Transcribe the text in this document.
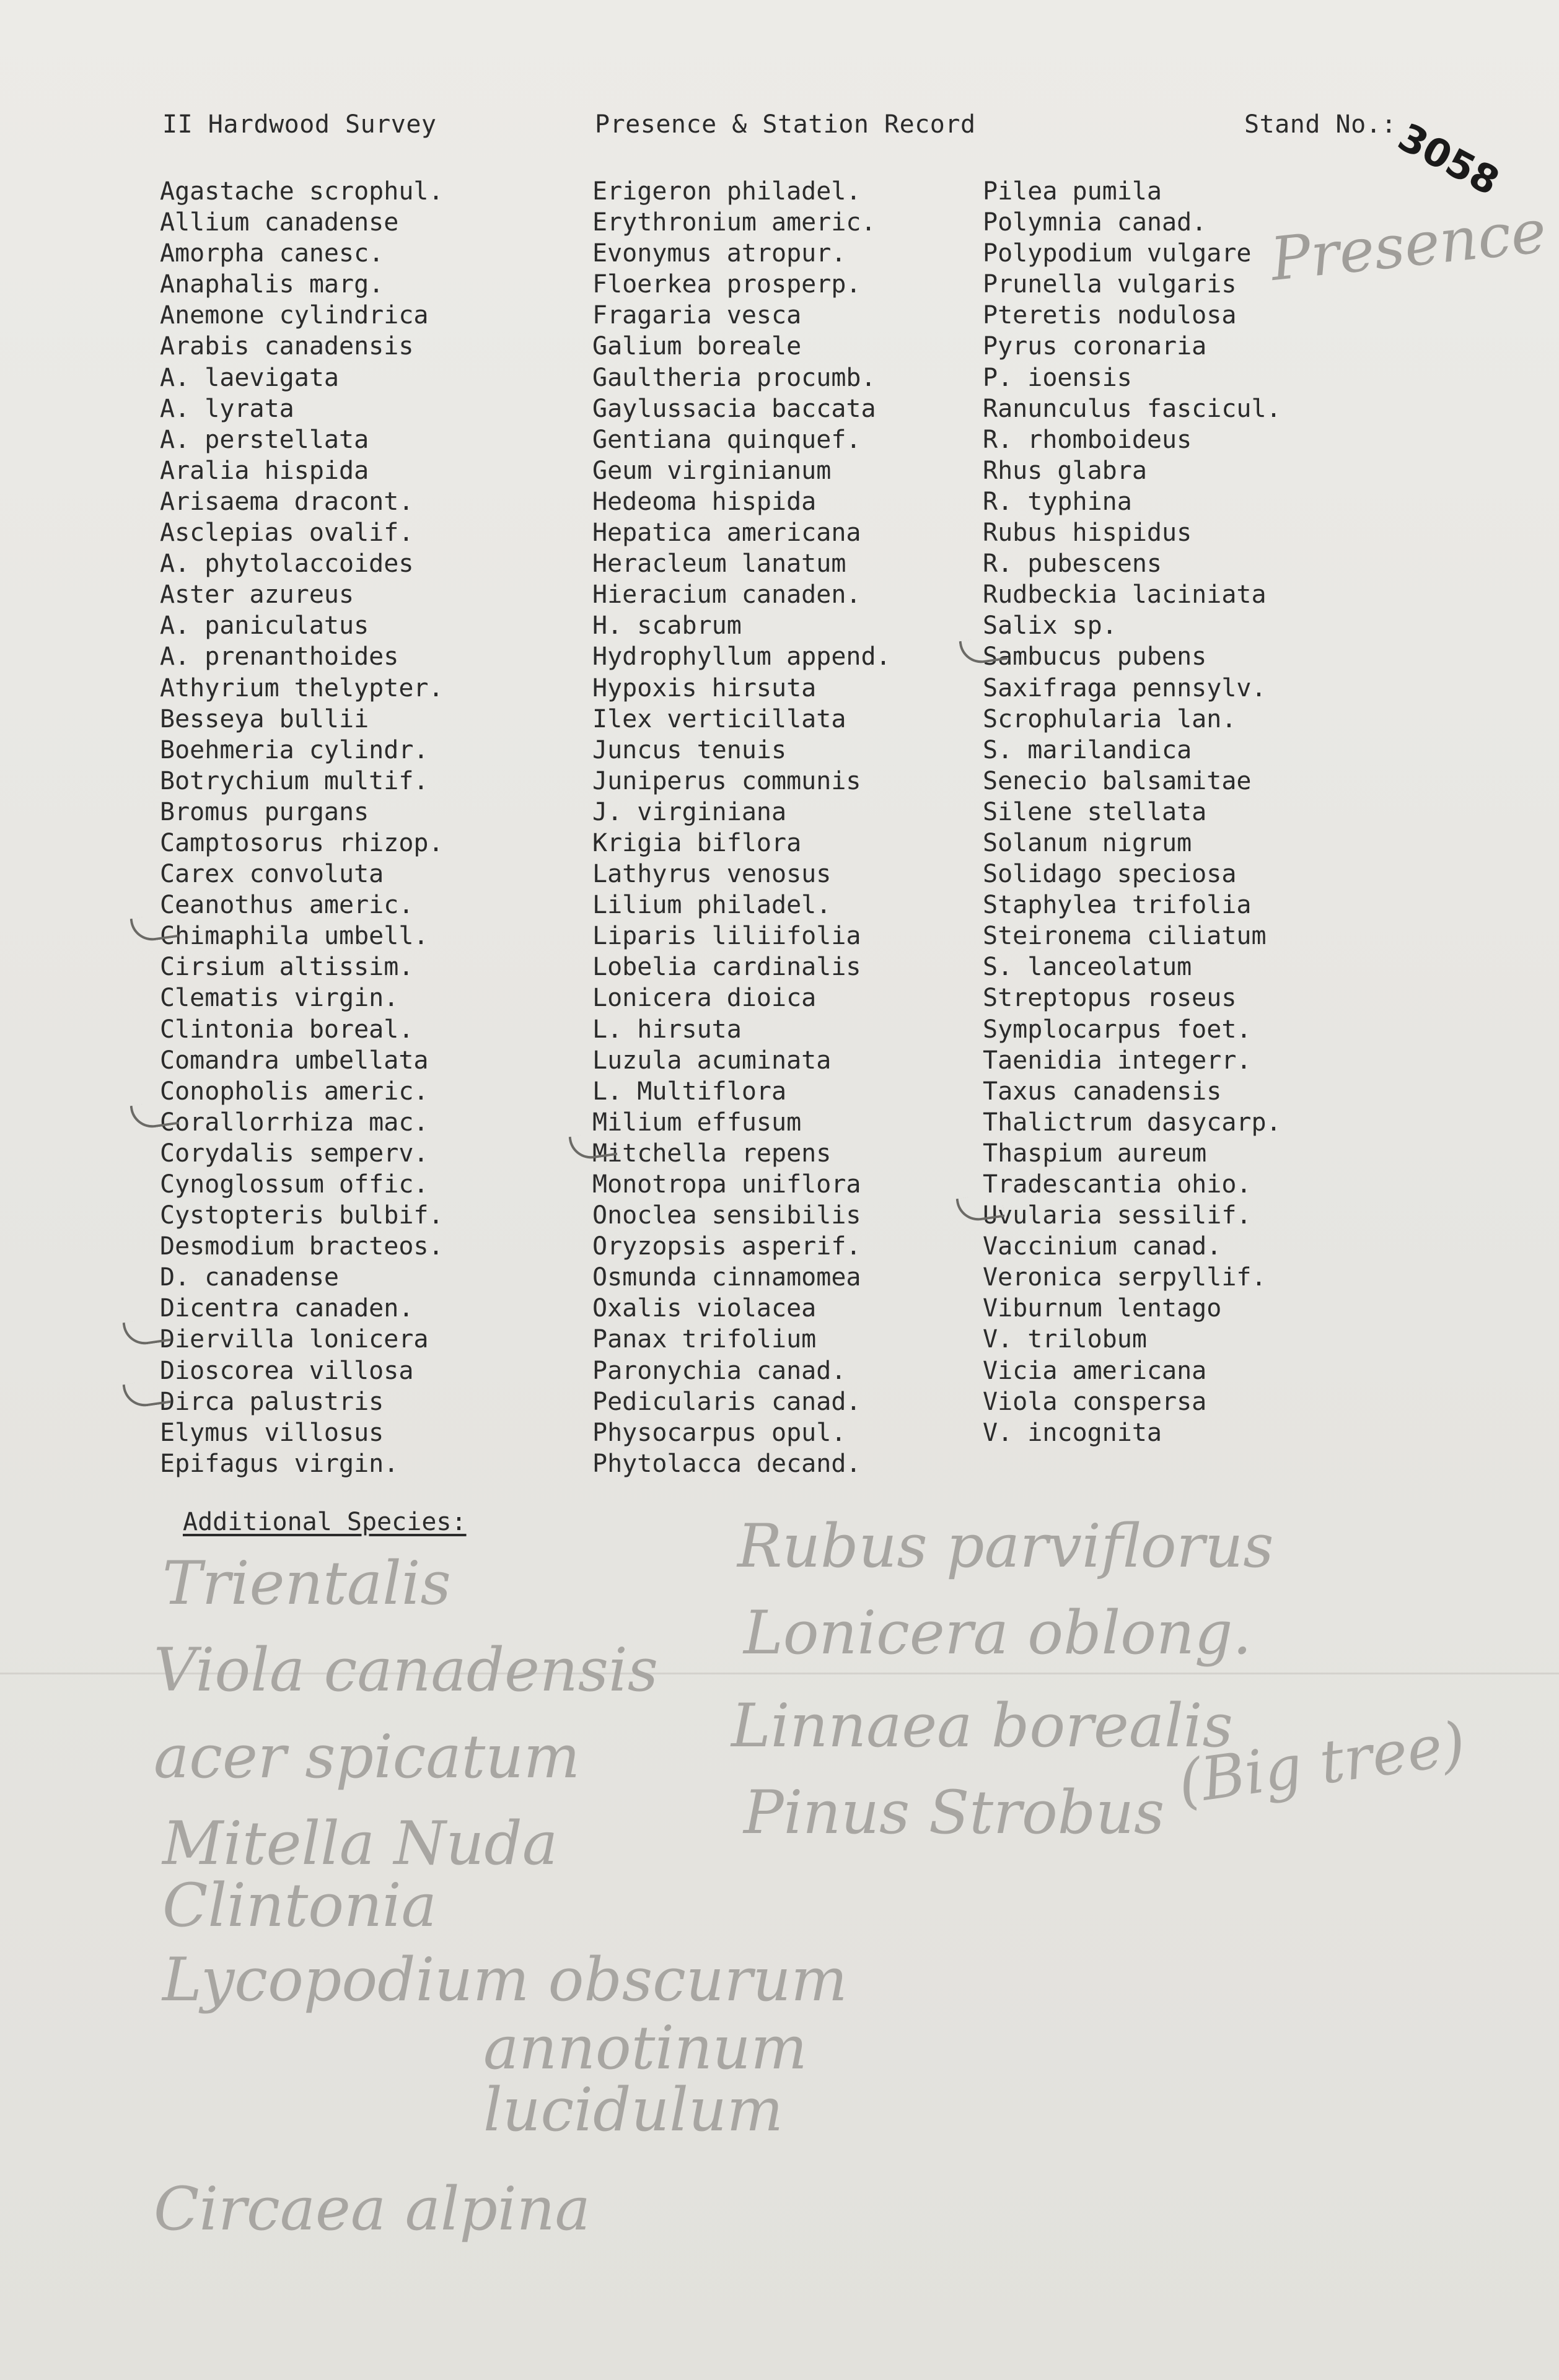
II Hardwood Survey	Presence & Station Record	Stand No.:
3058
Presence
Agastache scrophul.
Allium canadense
Amorpha canesc.
Anaphalis marg.
Anemone cylindrica
Arabis canadensis
A. laevigata
A. lyrata
A. perstellata
Aralia hispida
Arisaema dracont.
Asclepias ovalif.
A. phytolaccoides
Aster azureus
A. paniculatus
A. prenanthoides
Athyrium thelypter.
Besseya bullii
Boehmeria cylindr.
Botrychium multif.
Bromus purgans
Camptosorus rhizop.
Carex convoluta
Ceanothus americ.
Chimaphila umbell.
Cirsium altissim.
Clematis virgin.
Clintonia boreal.
Comandra umbellata
Conopholis americ.
Corallorrhiza mac.
Corydalis semperv.
Cynoglossum offic.
Cystopteris bulbif.
Desmodium bracteos.
D. canadense
Dicentra canaden.
Diervilla lonicera
Dioscorea villosa
Dirca palustris
Elymus villosus
Epifagus virgin.
Erigeron philadel.
Erythronium americ.
Evonymus atropur.
Floerkea prosperp.
Fragaria vesca
Galium boreale
Gaultheria procumb.
Gaylussacia baccata
Gentiana quinquef.
Geum virginianum
Hedeoma hispida
Hepatica americana
Heracleum lanatum
Hieracium canaden.
H. scabrum
Hydrophyllum append.
Hypoxis hirsuta
Ilex verticillata
Juncus tenuis
Juniperus communis
J. virginiana
Krigia biflora
Lathyrus venosus
Lilium philadel.
Liparis liliifolia
Lobelia cardinalis
Lonicera dioica
L. hirsuta
Luzula acuminata
L. Multiflora
Milium effusum
Mitchella repens
Monotropa uniflora
Onoclea sensibilis
Oryzopsis asperif.
Osmunda cinnamomea
Oxalis violacea
Panax trifolium
Paronychia canad.
Pedicularis canad.
Physocarpus opul.
Phytolacca decand.
Pilea pumila
Polymnia canad.
Polypodium vulgare
Prunella vulgaris
Pteretis nodulosa
Pyrus coronaria
P. ioensis
Ranunculus fascicul.
R. rhomboideus
Rhus glabra
R. typhina
Rubus hispidus
R. pubescens
Rudbeckia laciniata
Salix sp.
Sambucus pubens
Saxifraga pennsylv.
Scrophularia lan.
S. marilandica
Senecio balsamitae
Silene stellata
Solanum nigrum
Solidago speciosa
Staphylea trifolia
Steironema ciliatum
S. lanceolatum
Streptopus roseus
Symplocarpus foet.
Taenidia integerr.
Taxus canadensis
Thalictrum dasycarp.
Thaspium aureum
Tradescantia ohio.
Uvularia sessilif.
Vaccinium canad.
Veronica serpyllif.
Viburnum lentago
V. trilobum
Vicia americana
Viola conspersa
V. incognita
Additional Species:
Trientalis
Viola canadensis
acer spicatum
Mitella Nuda
Clintonia
Lycopodium obscurum
annotinum
lucidulum
Circaea alpina
Rubus parviflorus
Lonicera oblong.
Linnaea borealis
Pinus Strobus (Big tree)
